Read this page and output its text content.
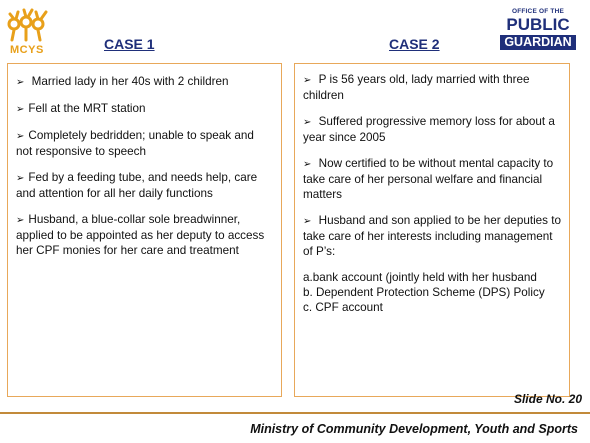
MCYS
OFFICE OF THE
PUBLIC
GUARDIAN
CASE 1	CASE 2
➢ Married lady in her 40s with 2 children
➢ Fell at the MRT station
➢ Completely bedridden; unable to speak and not responsive to speech
➢ Fed by a feeding tube, and needs help, care and attention for all her daily functions
➢ Husband, a blue-collar sole breadwinner, applied to be appointed as her deputy to access her CPF monies for her care and treatment
➢ P is 56 years old, lady married with three children
➢ Suffered progressive memory loss for about a year since 2005
➢ Now certified to be without mental capacity to take care of her personal welfare and financial matters
➢ Husband and son applied to be her deputies to take care of her interests including management of P’s:
a.bank account (jointly held with her husband
b. Dependent Protection Scheme (DPS) Policy
c. CPF account
Slide No. 20
Ministry of Community Development, Youth and Sports
